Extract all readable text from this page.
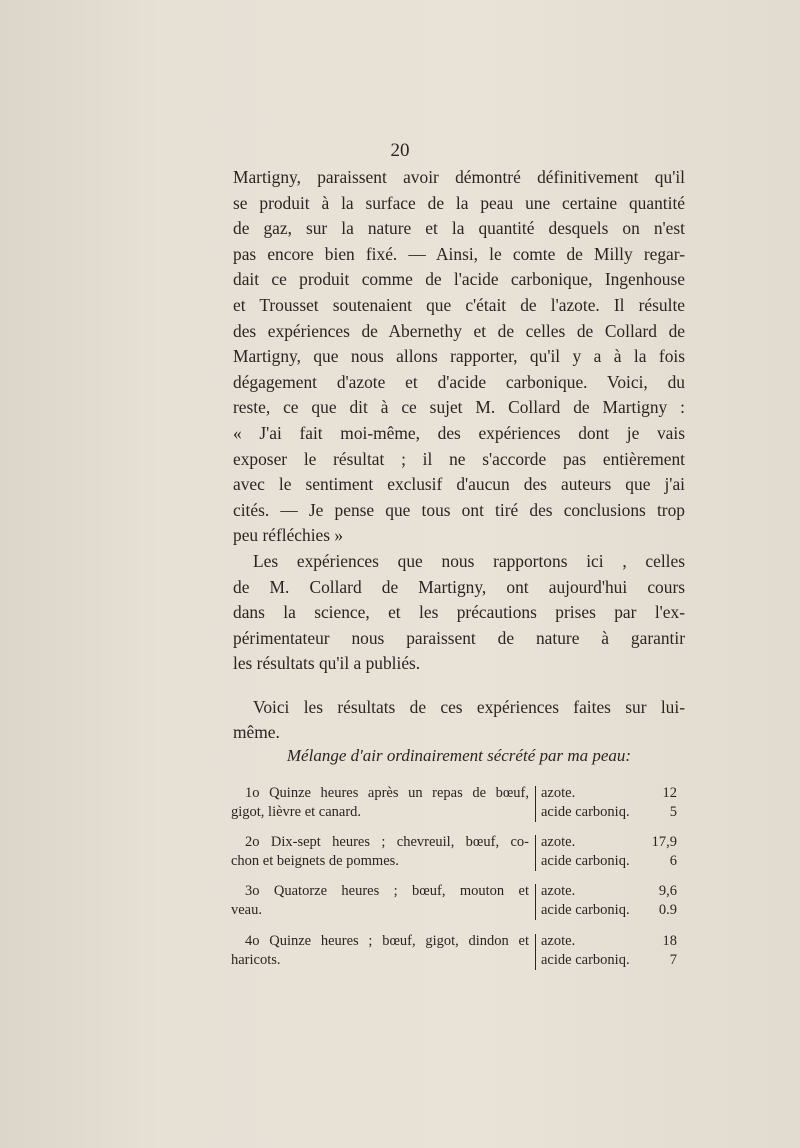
20

Martigny, paraissent avoir démontré définitivement qu'il

se produit à la surface de la peau une certaine quantité

de gaz, sur la nature et la quantité desquels on n'est

pas encore bien fixé. — Ainsi, le comte de Milly regar-

dait ce produit comme de l'acide carbonique, Ingenhouse

et Trousset soutenaient que c'était de l'azote. Il résulte

des expériences de Abernethy et de celles de Collard de

Martigny, que nous allons rapporter, qu'il y a à la fois

dégagement d'azote et d'acide carbonique. Voici, du

reste, ce que dit à ce sujet M. Collard de Martigny :

« J'ai fait moi-même, des expériences dont je vais

exposer le résultat ; il ne s'accorde pas entièrement

avec le sentiment exclusif d'aucun des auteurs que j'ai

cités. — Je pense que tous ont tiré des conclusions trop

peu réfléchies »

Les expériences que nous rapportons ici , celles

de M. Collard de Martigny, ont aujourd'hui cours

dans la science, et les précautions prises par l'ex-

périmentateur nous paraissent de nature à garantir

les résultats qu'il a publiés.

Voici les résultats de ces expériences faites sur lui-

même.

Mélange d'air ordinairement sécrété par ma peau:
1o Quinze heures après un repas de bœuf,
gigot, lièvre et canard.
azote.	12
acide carboniq.	5
2o Dix-sept heures ; chevreuil, bœuf, co-
chon et beignets de pommes.
azote.	17,9
acide carboniq.	6
3o Quatorze heures ; bœuf, mouton et
veau.
azote.	9,6
acide carboniq. 0.9
4o Quinze heures ; bœuf, gigot, dindon et
haricots.
azote.	18
acide carboniq.	7
